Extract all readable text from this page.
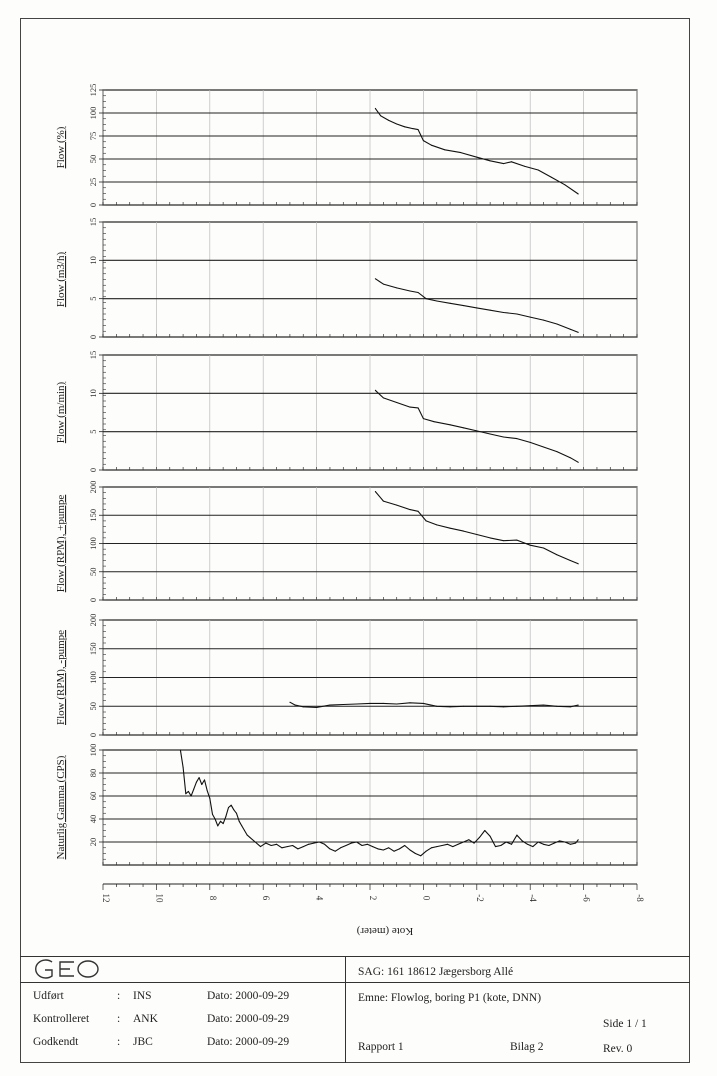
0
25
50
75
100
125
Flow (%)
0
5
10
15
Flow (m3/h)
0
5
10
15
Flow (m/min)
0
50
100
150
200
Flow (RPM), +pumpe
0
50
100
150
200
Flow (RPM), -pumpe
20
40
60
80
100
Naturlig Gamma (CPS)
12	10	8	6	4	2	0	-2	-4	-6	-8
Kote (meter)
SAG: 161 18612 Jægersborg Allé
Emne: Flowlog, boring P1 (kote, DNN)
Side 1 / 1
Rapport 1	Bilag 2	Rev. 0
Udført	: INS	Dato: 2000-09-29
Kontrolleret : ANK	Dato: 2000-09-29
Godkendt	: JBC	Dato: 2000-09-29
